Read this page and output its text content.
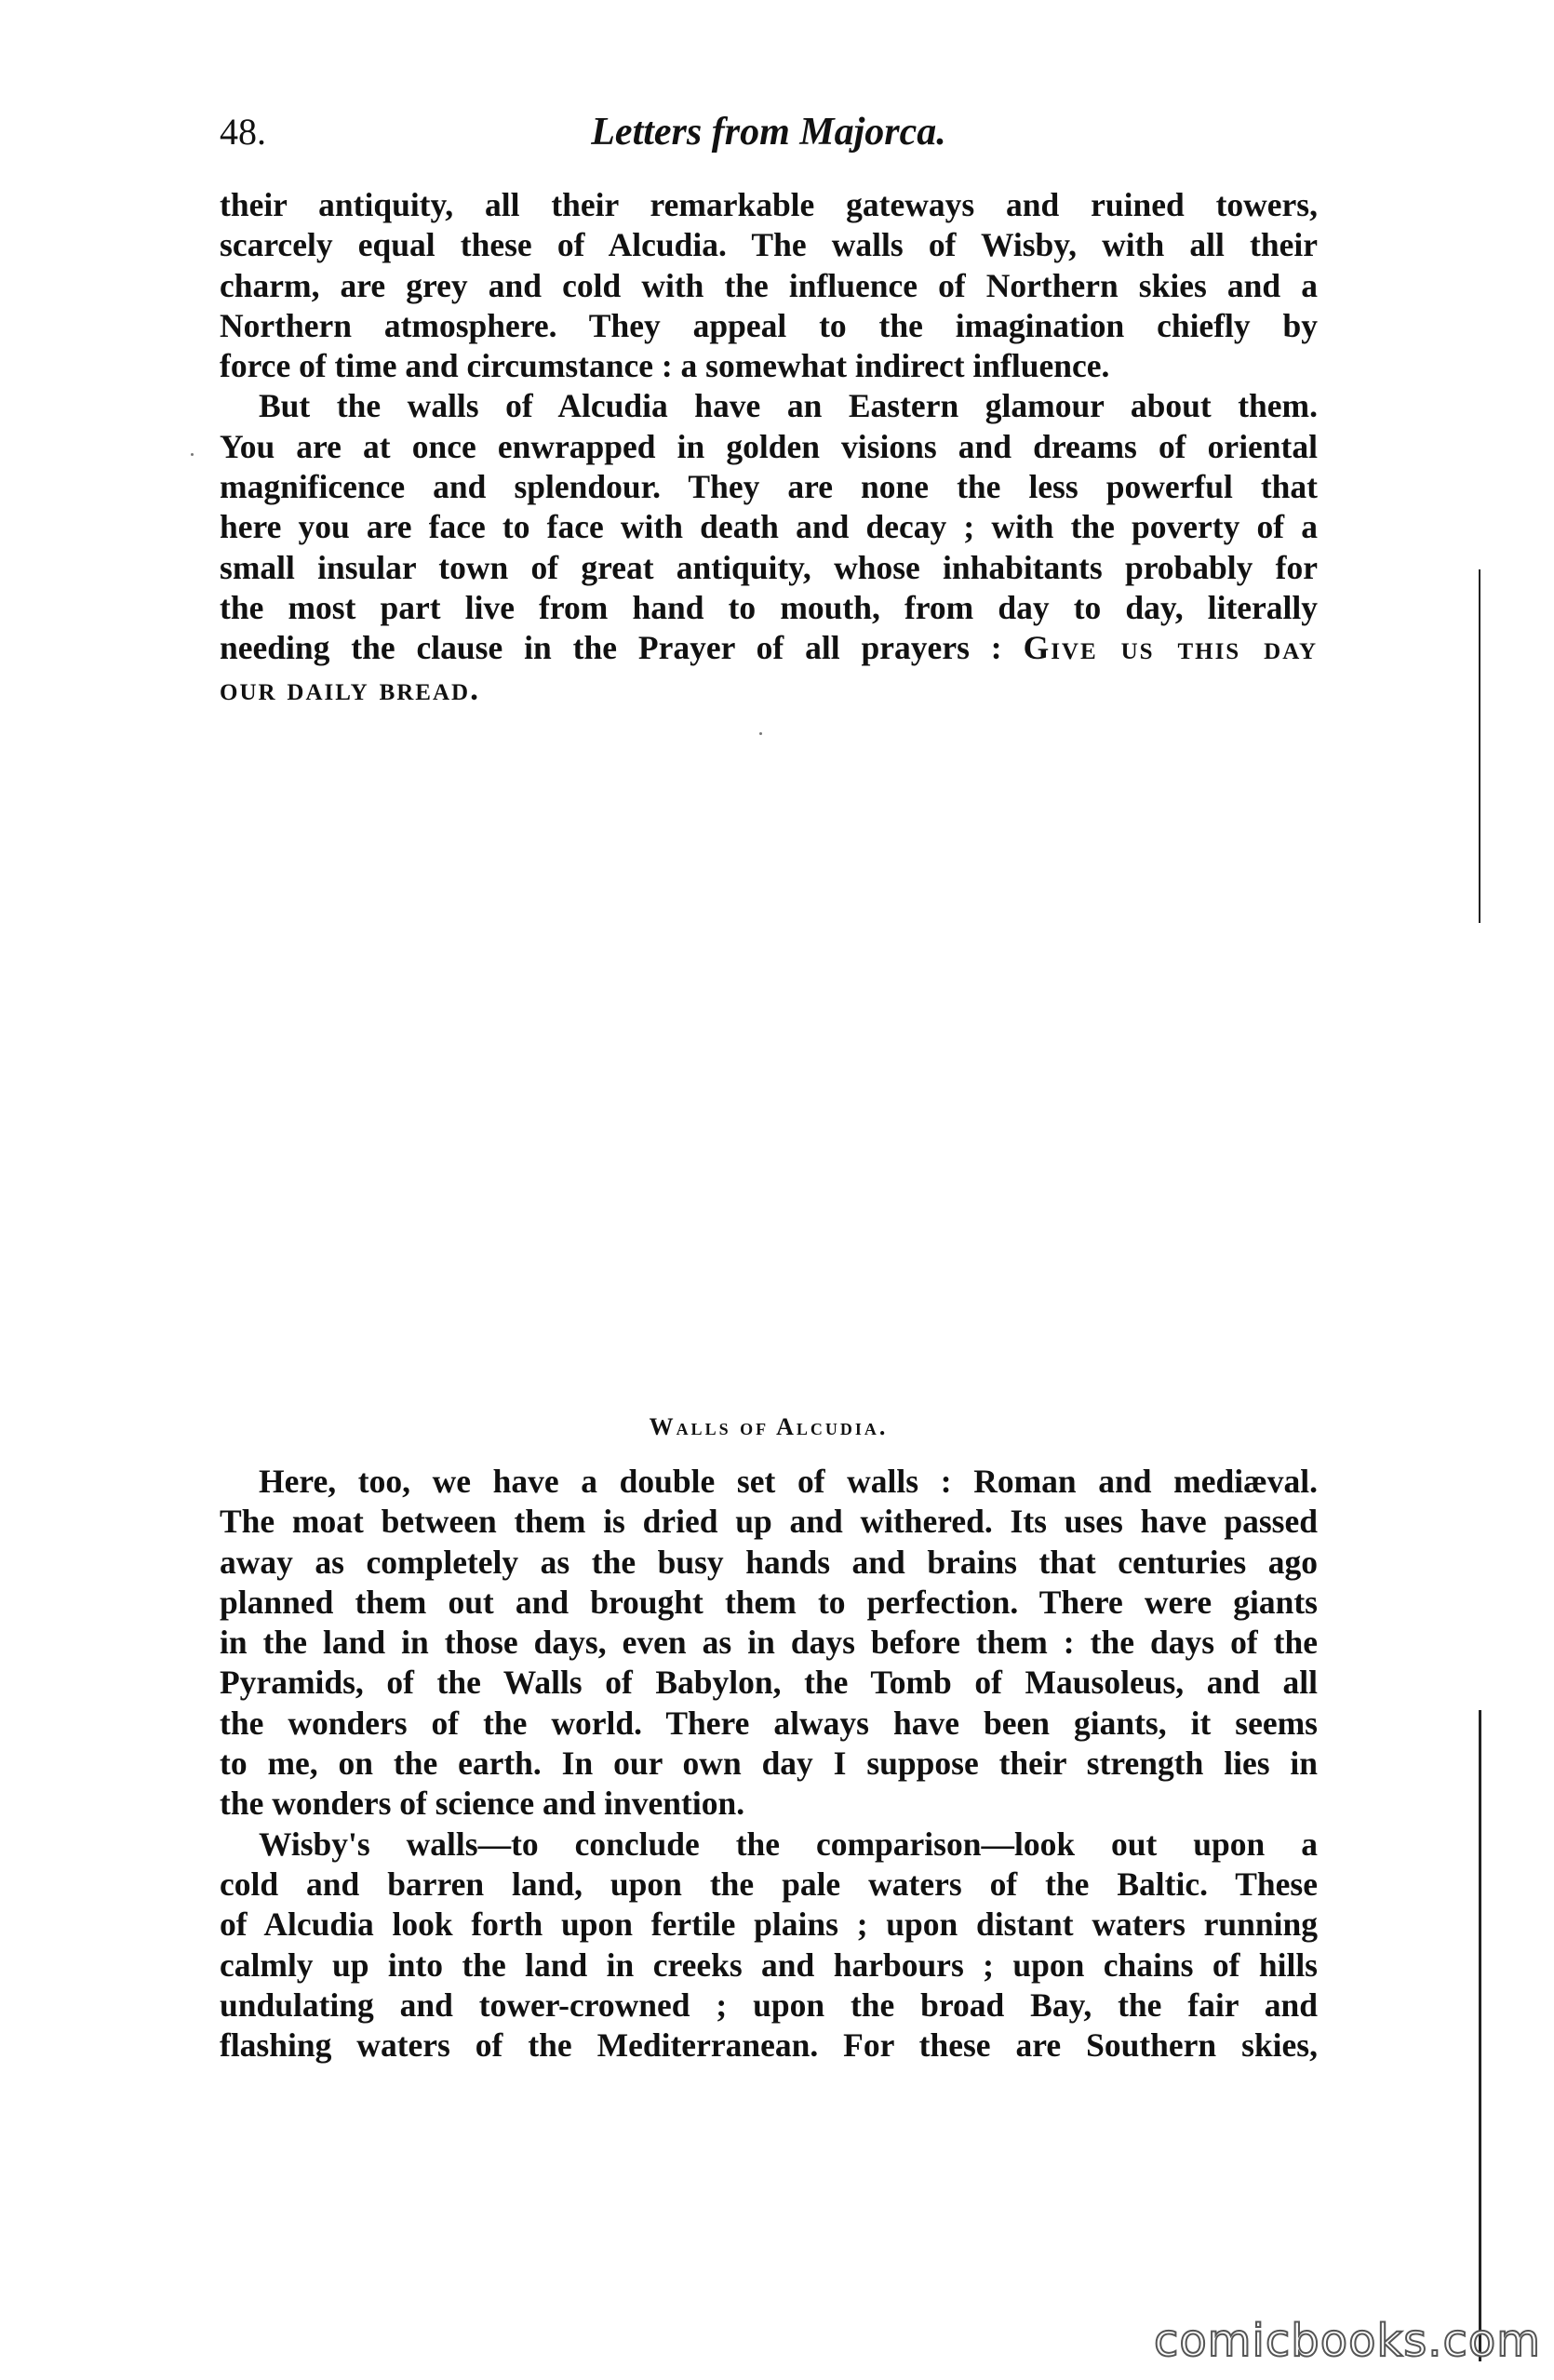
48.	Letters from Majorca.
their antiquity, all their remarkable gateways and ruined towers,
scarcely equal these of Alcudia. The walls of Wisby, with all their
charm, are grey and cold with the influence of Northern skies and a
Northern atmosphere. They appeal to the imagination chiefly by
force of time and circumstance : a somewhat indirect influence.
But the walls of Alcudia have an Eastern glamour about them.
You are at once enwrapped in golden visions and dreams of oriental
magnificence and splendour. They are none the less powerful that
here you are face to face with death and decay ; with the poverty of a
small insular town of great antiquity, whose inhabitants probably for
the most part live from hand to mouth, from day to day, literally
needing the clause in the Prayer of all prayers : Give us this day
our daily bread.
Walls of Alcudia.
Here, too, we have a double set of walls : Roman and mediæval.
The moat between them is dried up and withered. Its uses have passed
away as completely as the busy hands and brains that centuries ago
planned them out and brought them to perfection. There were giants
in the land in those days, even as in days before them : the days of the
Pyramids, of the Walls of Babylon, the Tomb of Mausoleus, and all
the wonders of the world. There always have been giants, it seems
to me, on the earth. In our own day I suppose their strength lies in
the wonders of science and invention.
Wisby's walls—to conclude the comparison—look out upon a
cold and barren land, upon the pale waters of the Baltic. These
of Alcudia look forth upon fertile plains ; upon distant waters running
calmly up into the land in creeks and harbours ; upon chains of hills
undulating and tower-crowned ; upon the broad Bay, the fair and
flashing waters of the Mediterranean. For these are Southern skies,
comicbooks.com
